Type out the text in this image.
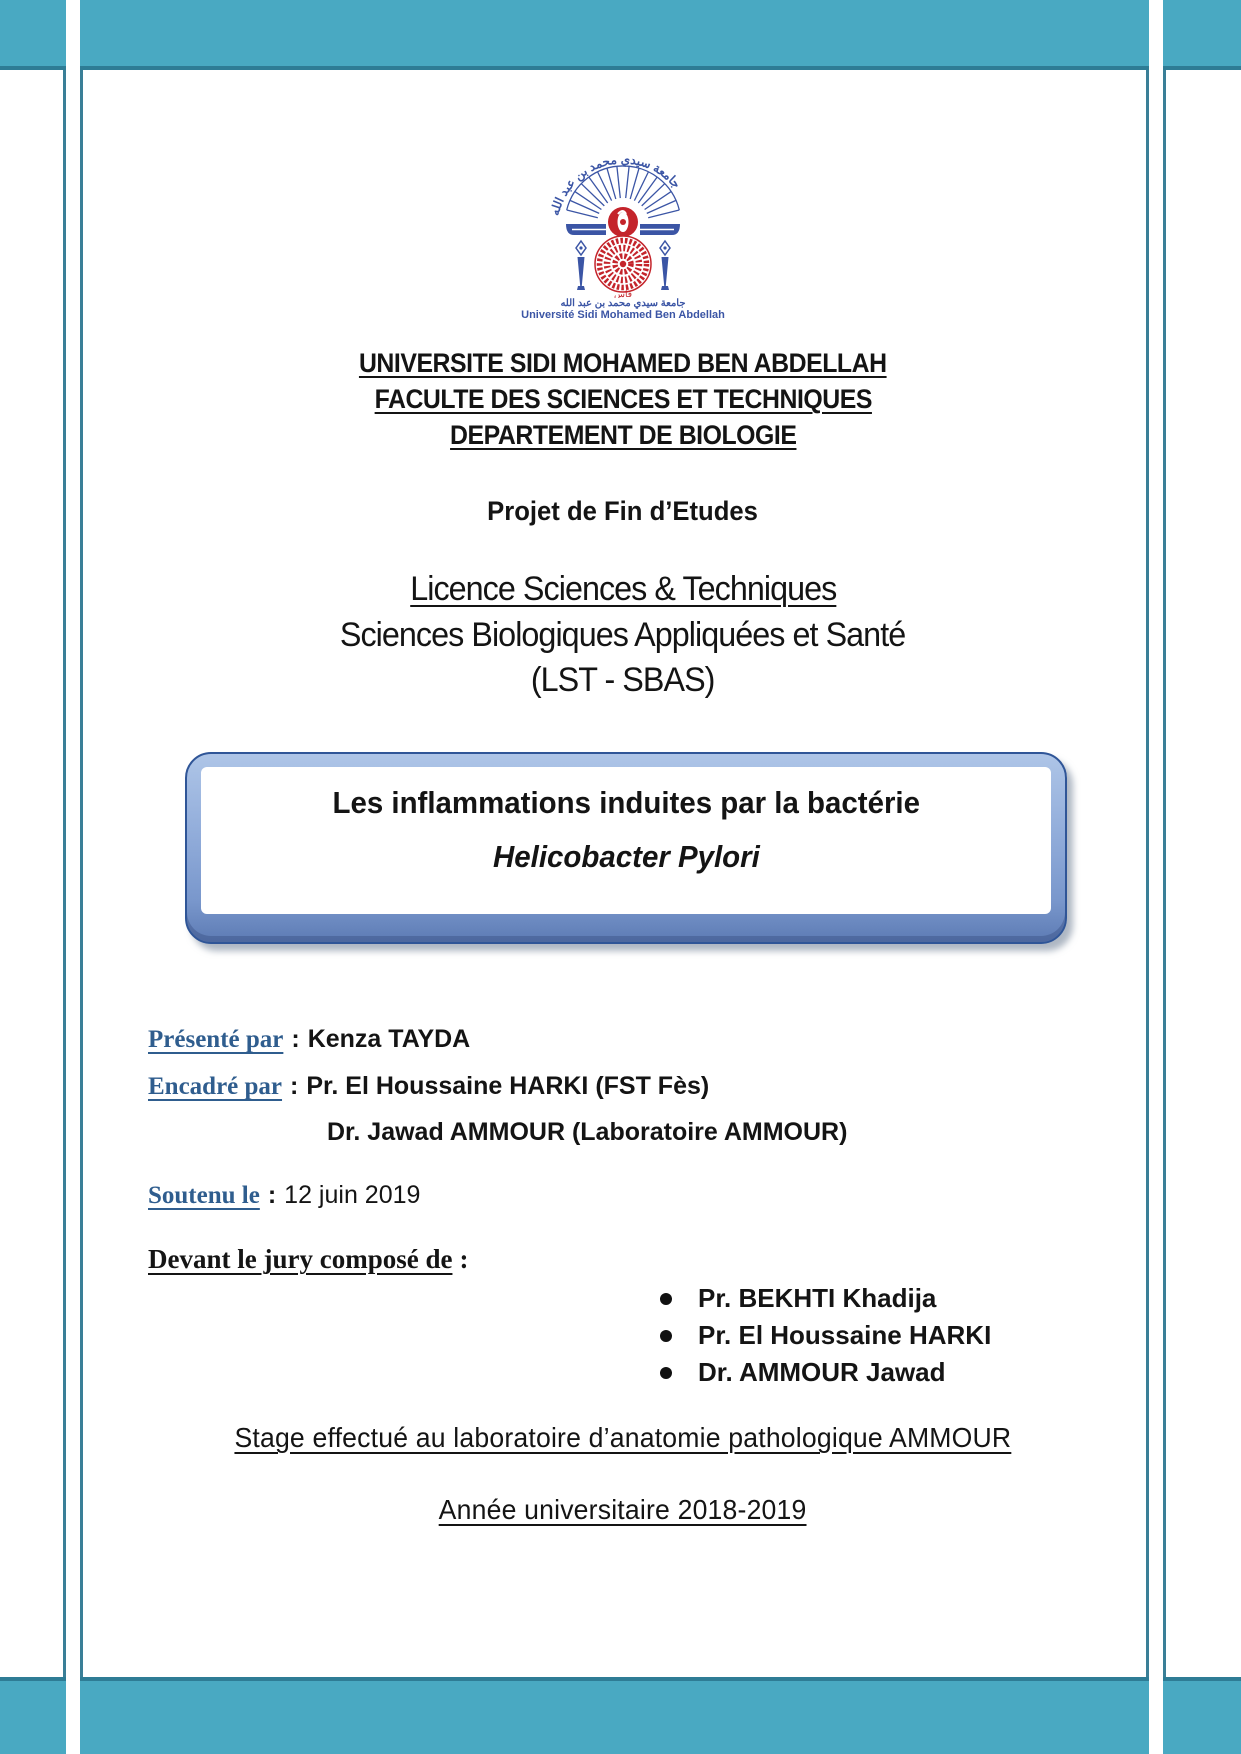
جامعة سيدي محمد بن عبد الله
فاس
جامعة سيدي محمد بن عبد الله
Université Sidi Mohamed Ben Abdellah
UNIVERSITE SIDI MOHAMED BEN ABDELLAH
FACULTE DES SCIENCES ET TECHNIQUES
DEPARTEMENT DE BIOLOGIE
Projet de Fin d’Etudes
Licence Sciences & Techniques
Sciences Biologiques Appliquées et Santé
(LST - SBAS)
Les inflammations induites par la bactérie
Helicobacter Pylori
Présenté par : Kenza TAYDA
Encadré par : Pr. El Houssaine HARKI (FST Fès)
Dr. Jawad AMMOUR (Laboratoire AMMOUR)
Soutenu le : 12 juin 2019
Devant le jury composé de :
Pr. BEKHTI Khadija
Pr. El Houssaine HARKI
Dr. AMMOUR Jawad
Stage effectué au laboratoire d’anatomie pathologique AMMOUR
Année universitaire 2018-2019
